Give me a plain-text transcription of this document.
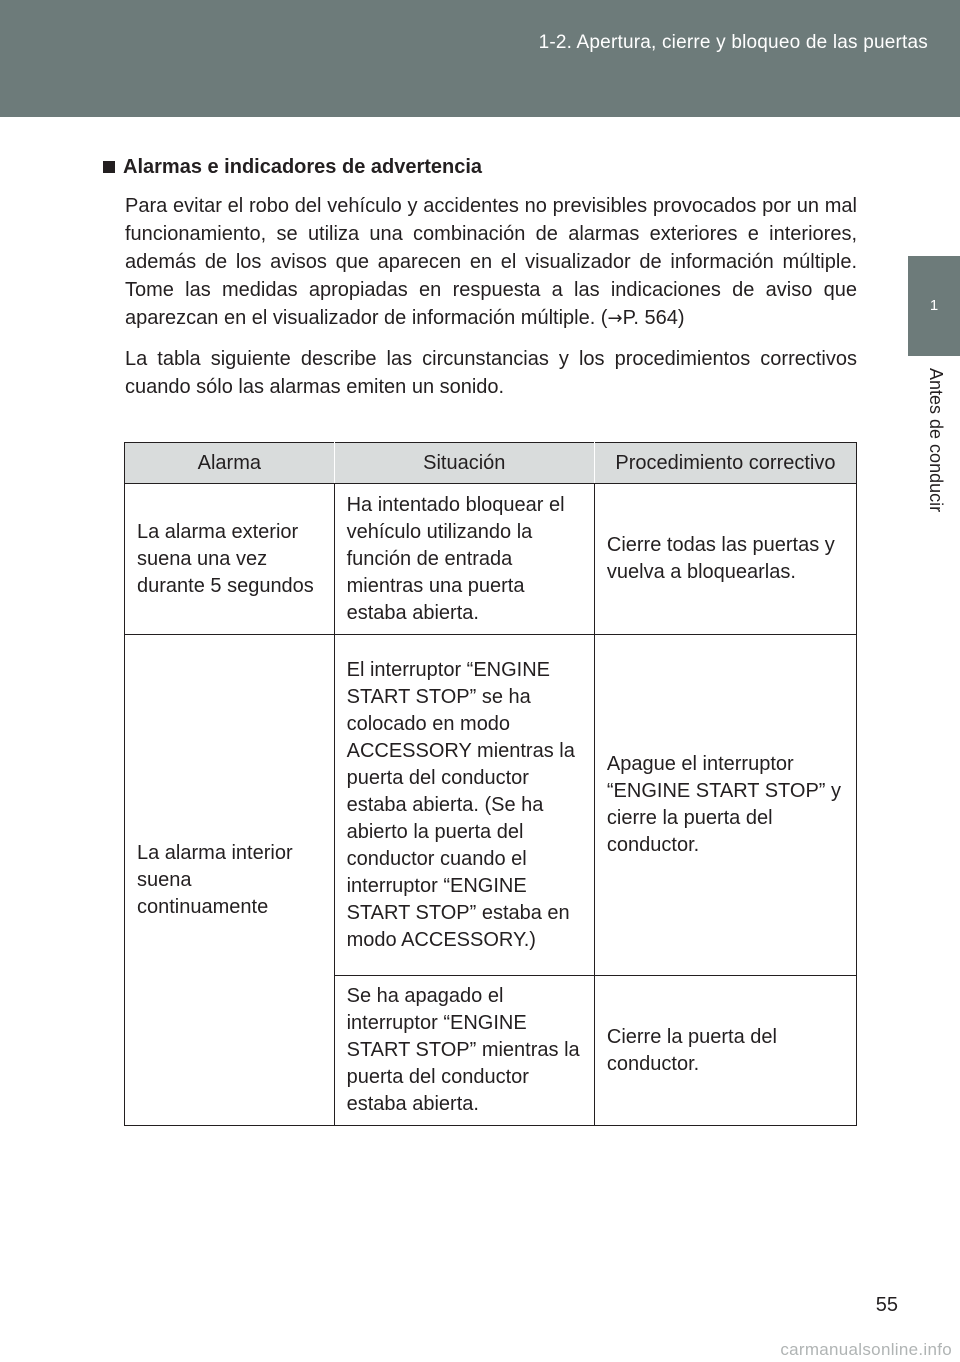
1-2. Apertura, cierre y bloqueo de las puertas
1
Antes de conducir
Alarmas e indicadores de advertencia

Para evitar el robo del vehículo y accidentes no previsibles provocados por un mal funcionamiento, se utiliza una combinación de alarmas exteriores e interiores, además de los avisos que aparecen en el visualizador de información múltiple. Tome las medidas apropiadas en respuesta a las indicaciones de aviso que aparezcan en el visualizador de información múltiple. (→P. 564)

La tabla siguiente describe las circunstancias y los procedimientos correctivos cuando sólo las alarmas emiten un sonido.

Alarma	Situación	Procedimiento correctivo
La alarma exterior suena una vez durante 5 segundos	Ha intentado bloquear el vehículo utilizando la función de entrada mientras una puerta estaba abierta.	Cierre todas las puertas y vuelva a bloquearlas.
La alarma interior suena continuamente	El interruptor “ENGINE START STOP” se ha colocado en modo ACCESSORY mientras la puerta del conductor estaba abierta. (Se ha abierto la puerta del conductor cuando el interruptor “ENGINE START STOP” estaba en modo ACCESSORY.)	Apague el interruptor “ENGINE START STOP” y cierre la puerta del conductor.
	Se ha apagado el interruptor “ENGINE START STOP” mientras la puerta del conductor estaba abierta.	Cierre la puerta del conductor.
55
carmanualsonline.info
